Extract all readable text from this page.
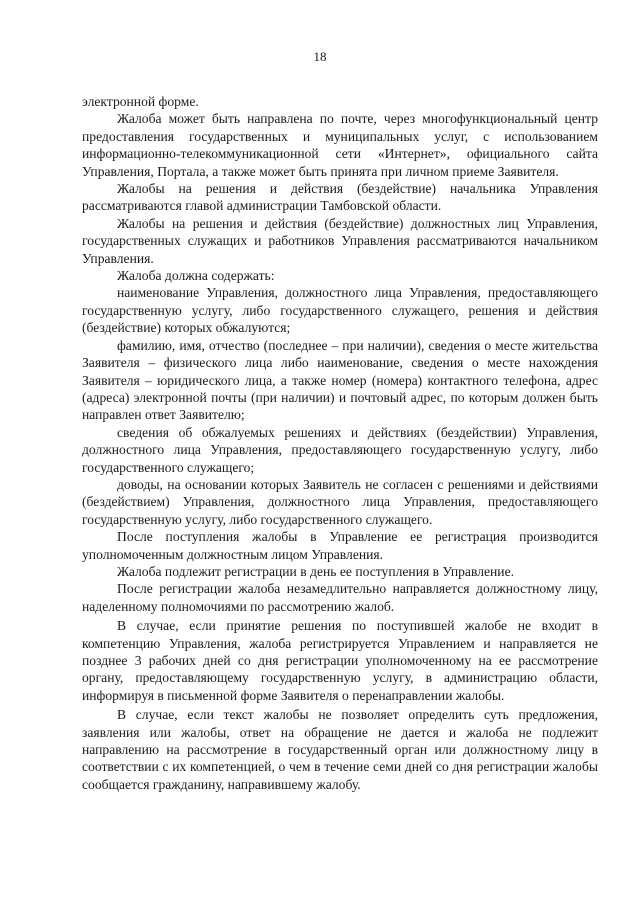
18

электронной форме.

Жалоба может быть направлена по почте, через многофункциональный центр предоставления государственных и муниципальных услуг, с использованием информационно-телекоммуникационной сети «Интернет», официального сайта Управления, Портала, а также может быть принята при личном приеме Заявителя.

Жалобы на решения и действия (бездействие) начальника Управления рассматриваются главой администрации Тамбовской области.

Жалобы на решения и действия (бездействие) должностных лиц Управления, государственных служащих и работников Управления рассматриваются начальником Управления.

Жалоба должна содержать:

наименование Управления, должностного лица Управления, предоставляющего государственную услугу, либо государственного служащего, решения и действия (бездействие) которых обжалуются;

фамилию, имя, отчество (последнее – при наличии), сведения о месте жительства Заявителя – физического лица либо наименование, сведения о месте нахождения Заявителя – юридического лица, а также номер (номера) контактного телефона, адрес (адреса) электронной почты (при наличии) и почтовый адрес, по которым должен быть направлен ответ Заявителю;

сведения об обжалуемых решениях и действиях (бездействии) Управления, должностного лица Управления, предоставляющего государственную услугу, либо государственного служащего;

доводы, на основании которых Заявитель не согласен с решениями и действиями (бездействием) Управления, должностного лица Управления, предоставляющего государственную услугу, либо государственного служащего.

После поступления жалобы в Управление ее регистрация производится уполномоченным должностным лицом Управления.

Жалоба подлежит регистрации в день ее поступления в Управление.

После регистрации жалоба незамедлительно направляется должностному лицу, наделенному полномочиями по рассмотрению жалоб.

В случае, если принятие решения по поступившей жалобе не входит в компетенцию Управления, жалоба регистрируется Управлением и направляется не позднее 3 рабочих дней со дня регистрации уполномоченному на ее рассмотрение органу, предоставляющему государственную услугу, в администрацию области, информируя в письменной форме Заявителя о перенаправлении жалобы.

В случае, если текст жалобы не позволяет определить суть предложения, заявления или жалобы, ответ на обращение не дается и жалоба не подлежит направлению на рассмотрение в государственный орган или должностному лицу в соответствии с их компетенцией, о чем в течение семи дней со дня регистрации жалобы сообщается гражданину, направившему жалобу.
